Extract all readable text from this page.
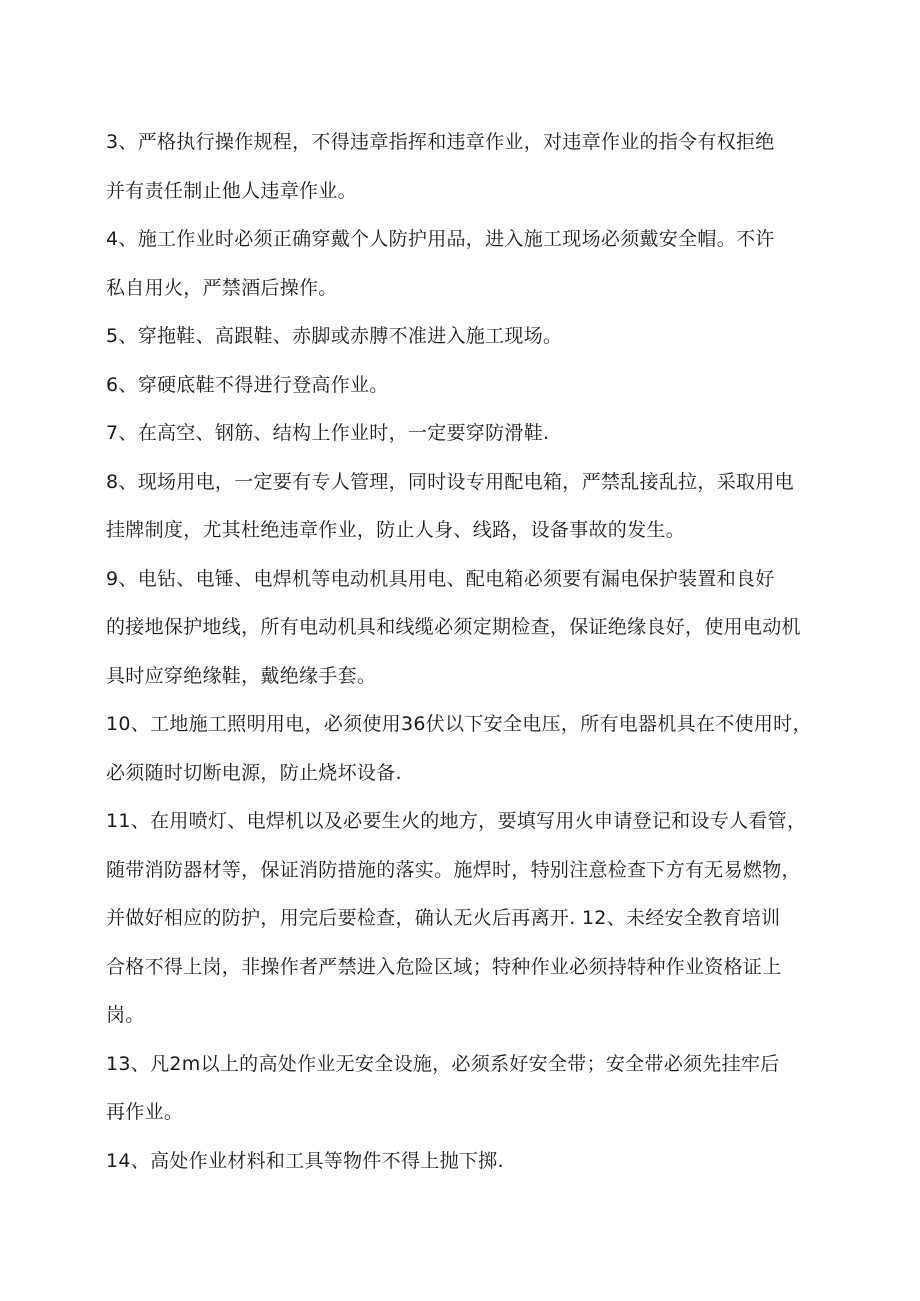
3、严格执行操作规程，不得违章指挥和违章作业，对违章作业的指令有权拒绝
并有责任制止他人违章作业。
4、施工作业时必须正确穿戴个人防护用品，进入施工现场必须戴安全帽。不许
私自用火，严禁酒后操作。
5、穿拖鞋、高跟鞋、赤脚或赤膊不准进入施工现场。
6、穿硬底鞋不得进行登高作业。
7、在高空、钢筋、结构上作业时，一定要穿防滑鞋.
8、现场用电，一定要有专人管理，同时设专用配电箱，严禁乱接乱拉，采取用电
挂牌制度，尤其杜绝违章作业，防止人身、线路，设备事故的发生。
9、电钻、电锤、电焊机等电动机具用电、配电箱必须要有漏电保护装置和良好
的接地保护地线，所有电动机具和线缆必须定期检查，保证绝缘良好，使用电动机
具时应穿绝缘鞋，戴绝缘手套。
10、工地施工照明用电，必须使用36伏以下安全电压，所有电器机具在不使用时，
必须随时切断电源，防止烧坏设备.
11、在用喷灯、电焊机以及必要生火的地方，要填写用火申请登记和设专人看管，
随带消防器材等，保证消防措施的落实。施焊时，特别注意检查下方有无易燃物，
并做好相应的防护，用完后要检查，确认无火后再离开. 12、未经安全教育培训
合格不得上岗，非操作者严禁进入危险区域；特种作业必须持特种作业资格证上
岗。
13、凡2m以上的高处作业无安全设施，必须系好安全带；安全带必须先挂牢后
再作业。
14、高处作业材料和工具等物件不得上抛下掷.
